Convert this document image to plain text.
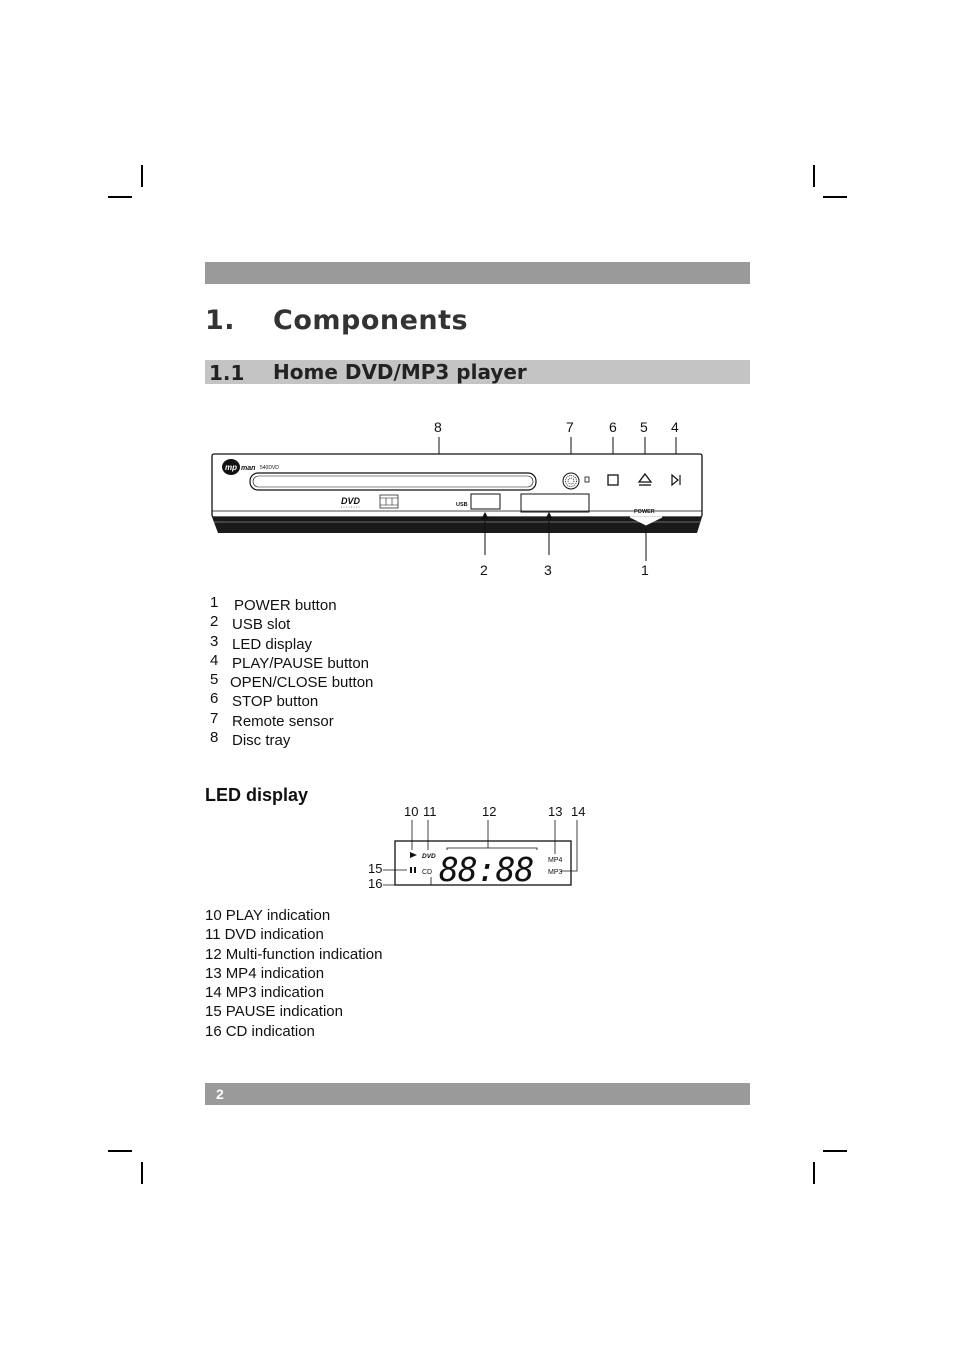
1. Components
1.1 Home DVD/MP3 player
8	7	6 5 4
POWER
mp man 540DVD
DVD	USB
2	3	1
1 POWER button
2 USB slot
3 LED display
4 PLAY/PAUSE button
5 OPEN/CLOSE button
6 STOP button
7 Remote sensor
8 Disc tray
LED display
10 11	12	13 14
15
16
DVD
CD 88:88 MP4
MP3
10 PLAY indication
11 DVD indication
12 Multi-function indication
13 MP4 indication
14 MP3 indication
15 PAUSE indication
16 CD indication
2
